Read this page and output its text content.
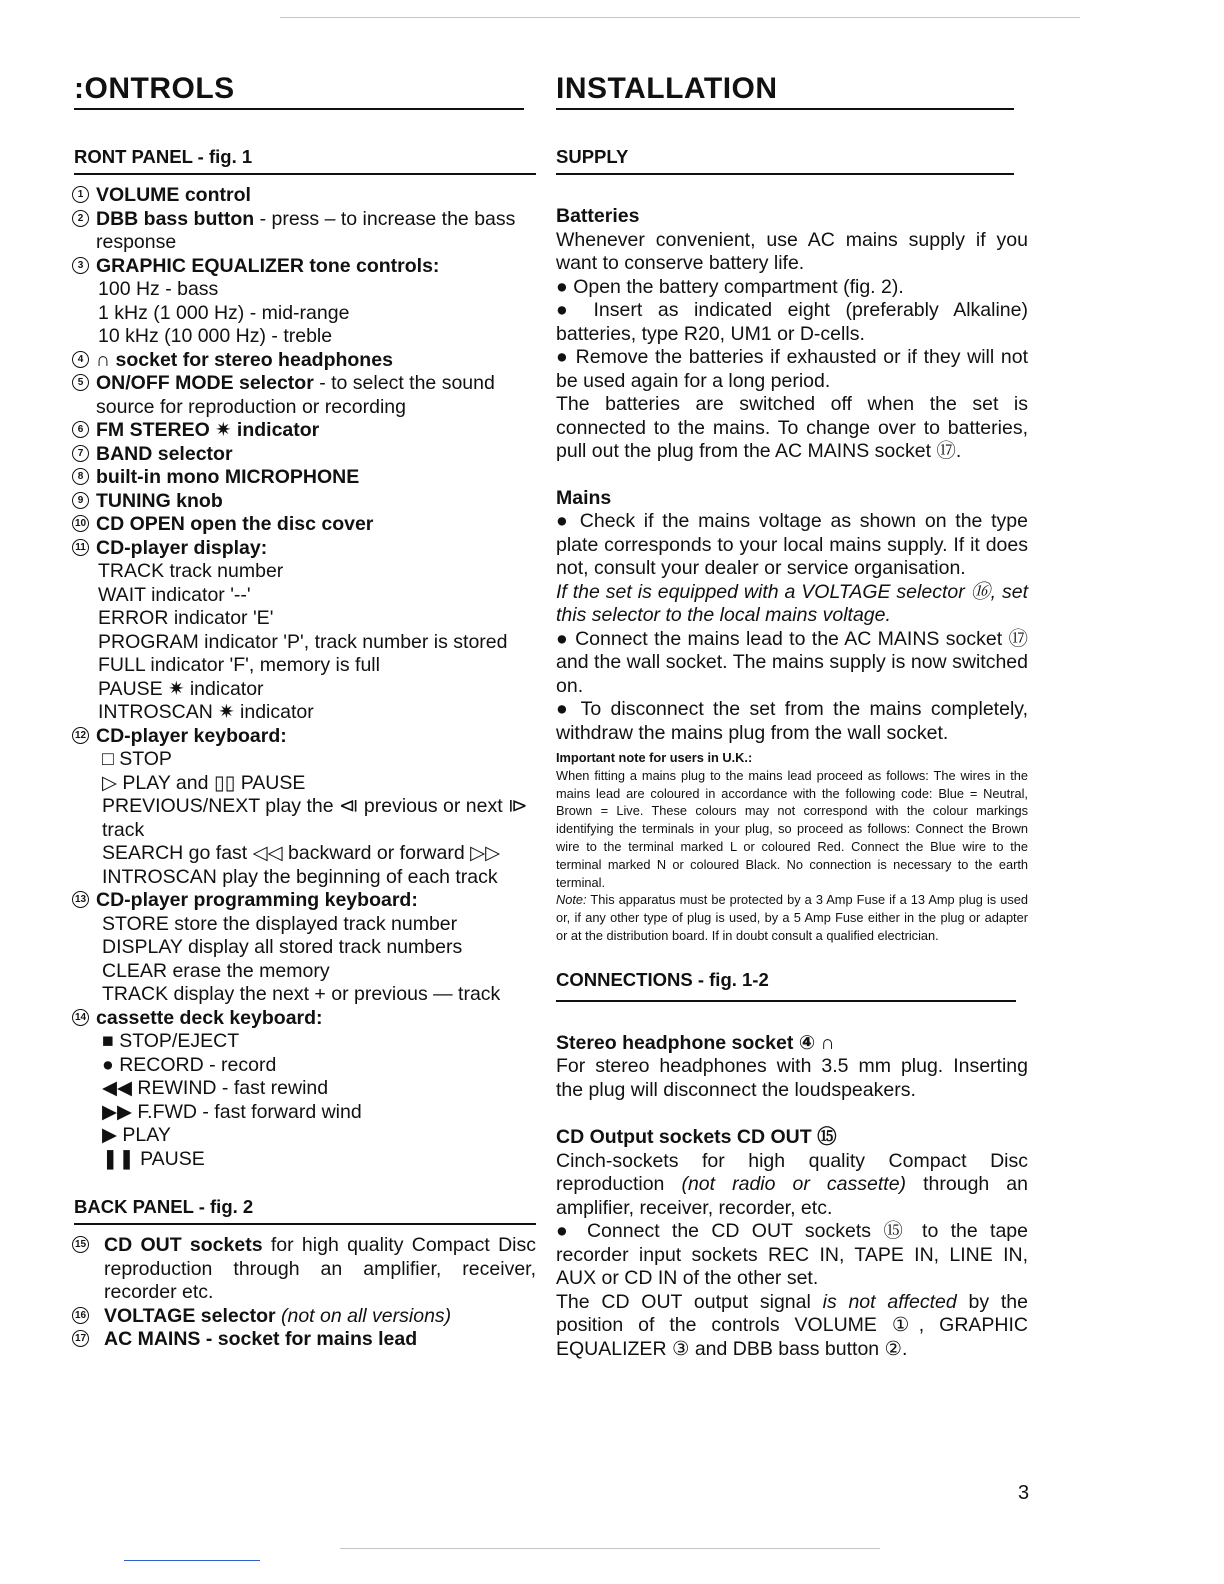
:ONTROLS
RONT PANEL - fig. 1
1 VOLUME control
2 DBB bass button - press – to increase the bass response
3 GRAPHIC EQUALIZER tone controls:
100 Hz - bass
1 kHz (1 000 Hz) - mid-range
10 kHz (10 000 Hz) - treble
4 ∩ socket for stereo headphones
5 ON/OFF MODE selector - to select the sound source for reproduction or recording
6 FM STEREO ✷ indicator
7 BAND selector
8 built-in mono MICROPHONE
9 TUNING knob
10 CD OPEN open the disc cover
11 CD-player display:
TRACK track number
WAIT indicator '--'
ERROR indicator 'E'
PROGRAM indicator 'P', track number is stored
FULL indicator 'F', memory is full
PAUSE ✷ indicator
INTROSCAN ✷ indicator
12 CD-player keyboard:
□ STOP
▷ PLAY and ▯▯ PAUSE
PREVIOUS/NEXT play the ⧏ previous or next ⧐ track
SEARCH go fast ◁◁ backward or forward ▷▷
INTROSCAN play the beginning of each track
13 CD-player programming keyboard:
STORE store the displayed track number
DISPLAY display all stored track numbers
CLEAR erase the memory
TRACK display the next + or previous — track
14 cassette deck keyboard:
■ STOP/EJECT
● RECORD - record
◀◀ REWIND - fast rewind
▶▶ F.FWD - fast forward wind
▶ PLAY
❚❚ PAUSE
BACK PANEL - fig. 2
15 CD OUT sockets for high quality Compact Disc reproduction through an amplifier, receiver, recorder etc.
16 VOLTAGE selector (not on all versions)
17 AC MAINS - socket for mains lead
INSTALLATION
SUPPLY
Batteries
Whenever convenient, use AC mains supply if you want to conserve battery life.
● Open the battery compartment (fig. 2).
● Insert as indicated eight (preferably Alkaline) batteries, type R20, UM1 or D-cells.
● Remove the batteries if exhausted or if they will not be used again for a long period.
The batteries are switched off when the set is connected to the mains. To change over to batteries, pull out the plug from the AC MAINS socket ⑰.
Mains
● Check if the mains voltage as shown on the type plate corresponds to your local mains supply. If it does not, consult your dealer or service organisation.
If the set is equipped with a VOLTAGE selector ⑯, set this selector to the local mains voltage.
● Connect the mains lead to the AC MAINS socket ⑰ and the wall socket. The mains supply is now switched on.
● To disconnect the set from the mains completely, withdraw the mains plug from the wall socket.
Important note for users in U.K.:
When fitting a mains plug to the mains lead proceed as follows: The wires in the mains lead are coloured in accordance with the following code: Blue = Neutral, Brown = Live. These colours may not correspond with the colour markings identifying the terminals in your plug, so proceed as follows: Connect the Brown wire to the terminal marked L or coloured Red. Connect the Blue wire to the terminal marked N or coloured Black. No connection is necessary to the earth terminal.
Note: This apparatus must be protected by a 3 Amp Fuse if a 13 Amp plug is used or, if any other type of plug is used, by a 5 Amp Fuse either in the plug or adapter or at the distribution board. If in doubt consult a qualified electrician.
CONNECTIONS - fig. 1-2
Stereo headphone socket ④ ∩
For stereo headphones with 3.5 mm plug. Inserting the plug will disconnect the loudspeakers.
CD Output sockets CD OUT ⑮
Cinch-sockets for high quality Compact Disc reproduction (not radio or cassette) through an amplifier, receiver, recorder, etc.
● Connect the CD OUT sockets ⑮ to the tape recorder input sockets REC IN, TAPE IN, LINE IN, AUX or CD IN of the other set.
The CD OUT output signal is not affected by the position of the controls VOLUME ①, GRAPHIC EQUALIZER ③ and DBB bass button ②.
3
